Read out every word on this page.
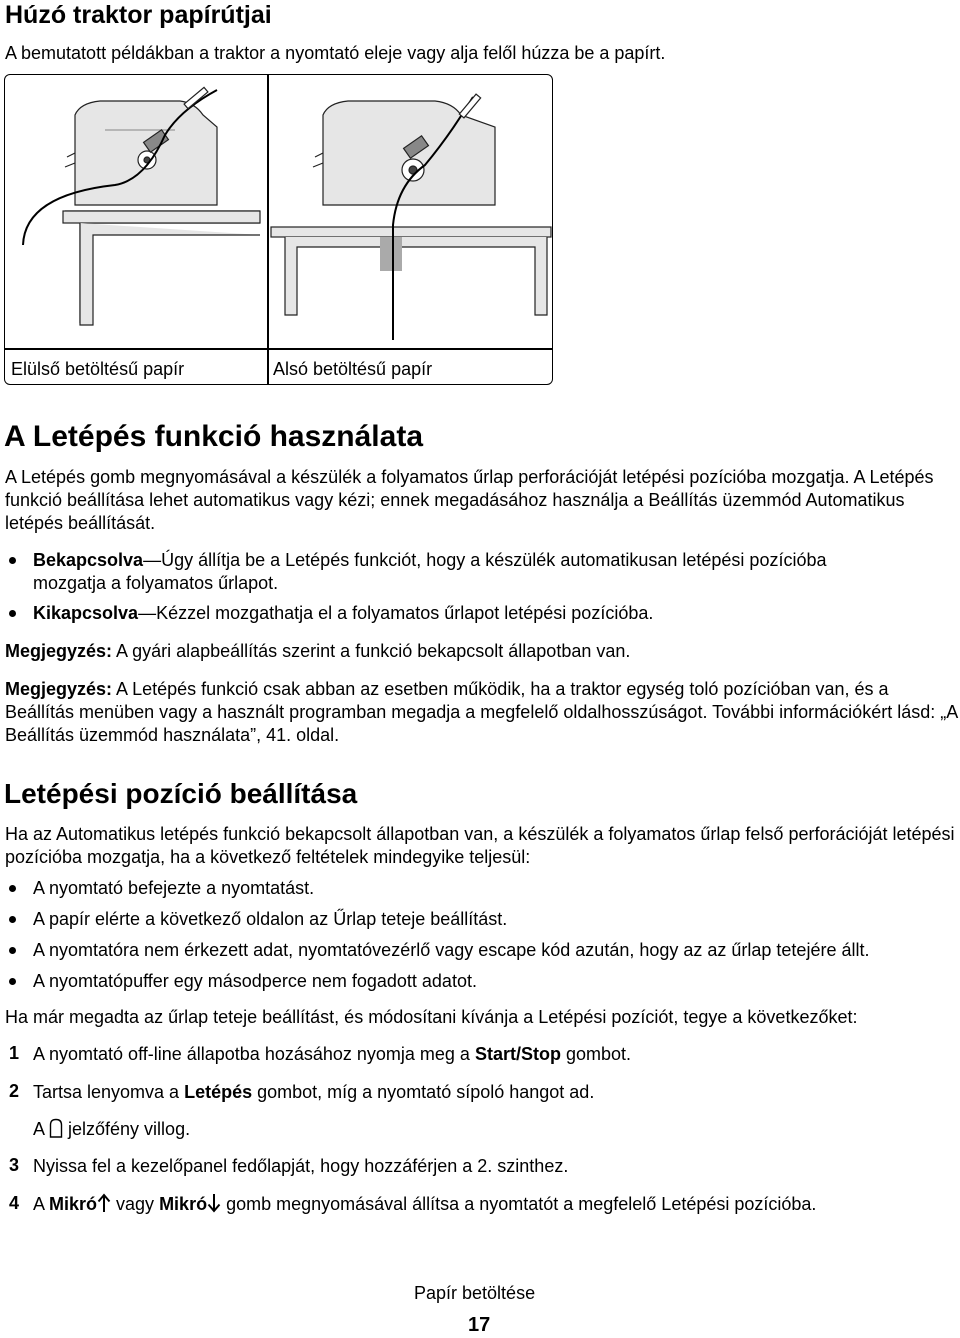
Húzó traktor papírútjai

A bemutatott példákban a traktor a nyomtató eleje vagy alja felől húzza be a papírt.

Elülső betöltésű papír	Alsó betöltésű papír
A Letépés funkció használata

A Letépés gomb megnyomásával a készülék a folyamatos űrlap perforációját letépési pozícióba mozgatja. A Letépés funkció beállítása lehet automatikus vagy kézi; ennek megadásához használja a Beállítás üzemmód Automatikus letépés beállítását.

Bekapcsolva—Úgy állítja be a Letépés funkciót, hogy a készülék automatikusan letépési pozícióba

mozgatja a folyamatos űrlapot.

Kikapcsolva—Kézzel mozgathatja el a folyamatos űrlapot letépési pozícióba.

Megjegyzés: A gyári alapbeállítás szerint a funkció bekapcsolt állapotban van.

Megjegyzés: A Letépés funkció csak abban az esetben működik, ha a traktor egység toló pozícióban van, és a Beállítás menüben vagy a használt programban megadja a megfelelő oldalhosszúságot. További információkért lásd: „A Beállítás üzemmód használata”, 41. oldal.

Letépési pozíció beállítása

Ha az Automatikus letépés funkció bekapcsolt állapotban van, a készülék a folyamatos űrlap felső perforációját letépési pozícióba mozgatja, ha a következő feltételek mindegyike teljesül:

A nyomtató befejezte a nyomtatást.

A papír elérte a következő oldalon az Űrlap teteje beállítást.

A nyomtatóra nem érkezett adat, nyomtatóvezérlő vagy escape kód azután, hogy az az űrlap tetejére állt.

A nyomtatópuffer egy másodperce nem fogadott adatot.

Ha már megadta az űrlap teteje beállítást, és módosítani kívánja a Letépési pozíciót, tegye a következőket:

1 A nyomtató off-line állapotba hozásához nyomja meg a Start/Stop gombot.

2 Tartsa lenyomva a Letépés gombot, míg a nyomtató sípoló hangot ad.

A  jelzőfény villog.

3 Nyissa fel a kezelőpanel fedőlapját, hogy hozzáférjen a 2. szinthez.

4 A Mikró vagy Mikró gomb megnyomásával állítsa a nyomtatót a megfelelő Letépési pozícióba.

Papír betöltése

17
